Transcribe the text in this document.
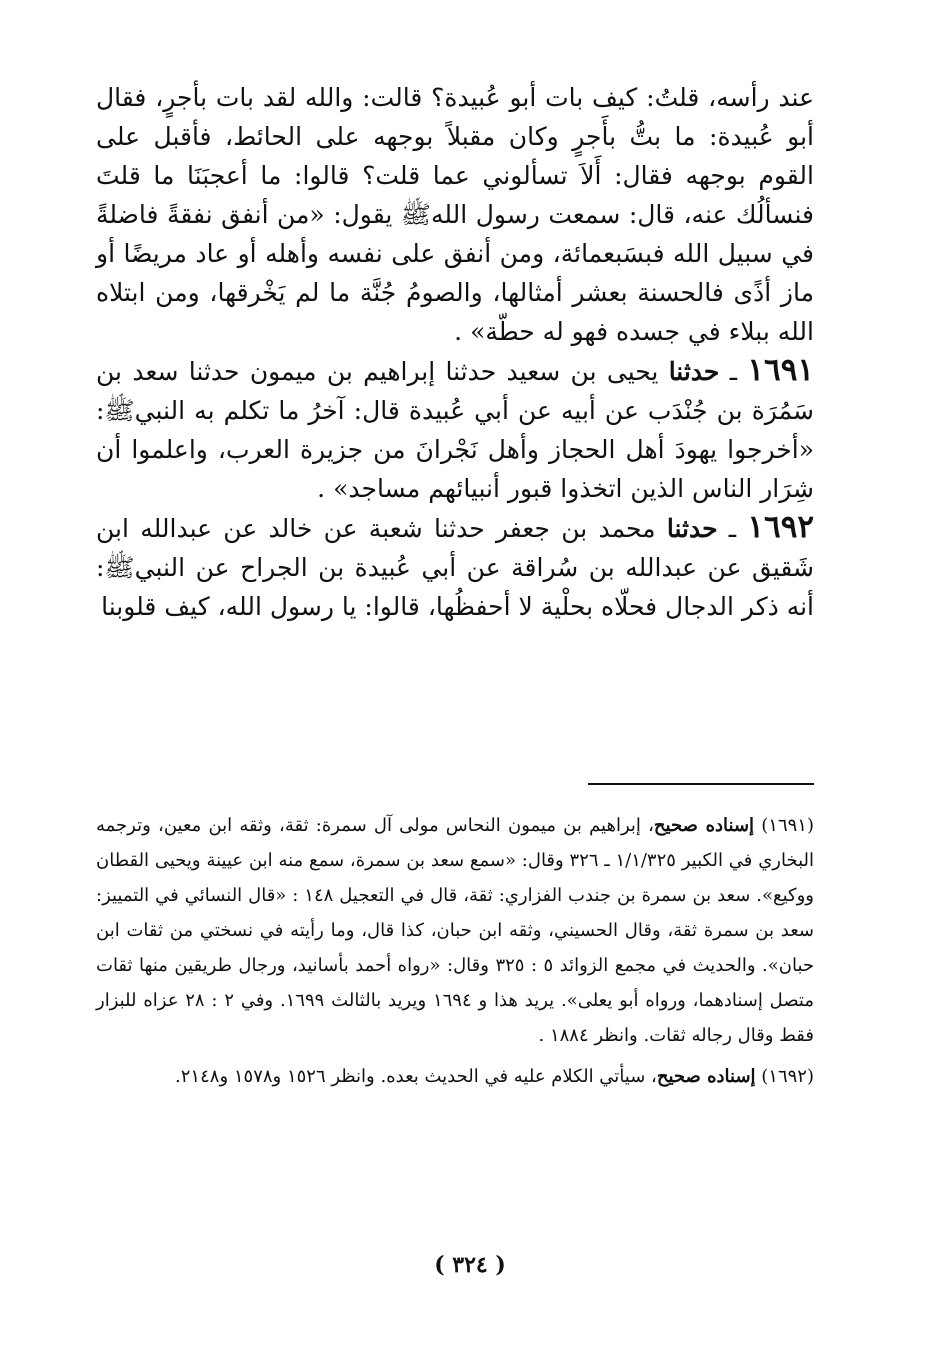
عند رأسه، قلتُ: كيف بات أبو عُبيدة؟ قالت: والله لقد بات بأجرٍ، فقال أبو عُبيدة: ما بتُّ بأَجرٍ وكان مقبلاً بوجهه على الحائط، فأقبل على القوم بوجهه فقال: أَلاَ تسألوني عما قلت؟ قالوا: ما أعجبَنَا ما قلتَ فنسألُك عنه، قال: سمعت رسول اللهﷺ يقول: «من أنفق نفقةً فاضلةً في سبيل الله فبسَبعمائة، ومن أنفق على نفسه وأهله أو عاد مريضًا أو ماز أذًى فالحسنة بعشر أمثالها، والصومُ جُنَّة ما لم يَخْرقها، ومن ابتلاه الله ببلاء في جسده فهو له حطّة» .

١٦٩١ ـ حدثنا يحيى بن سعيد حدثنا إبراهيم بن ميمون حدثنا سعد بن سَمُرَة بن جُنْدَب عن أبيه عن أبي عُبيدة قال: آخرُ ما تكلم به النبيﷺ: «أخرجوا يهودَ أهل الحجاز وأهل نَجْرانَ من جزيرة العرب، واعلموا أن شِرَار الناس الذين اتخذوا قبور أنبيائهم مساجد» .

١٦٩٢ ـ حدثنا محمد بن جعفر حدثنا شعبة عن خالد عن عبدالله ابن شَقيق عن عبدالله بن سُراقة عن أبي عُبيدة بن الجراح عن النبيﷺ: أنه ذكر الدجال فحلّاه بحلْية لا أحفظُها، قالوا: يا رسول الله، كيف قلوبنا

(١٦٩١) إسناده صحيح، إبراهيم بن ميمون النحاس مولى آل سمرة: ثقة، وثقه ابن معين، وترجمه البخاري في الكبير ١/١/٣٢٥ ـ ٣٢٦ وقال: «سمع سعد بن سمرة، سمع منه ابن عيينة ويحيى القطان ووكيع». سعد بن سمرة بن جندب الفزاري: ثقة، قال في التعجيل ١٤٨ : «قال النسائي في التمييز: سعد بن سمرة ثقة، وقال الحسيني، وثقه ابن حبان، كذا قال، وما رأيته في نسختي من ثقات ابن حبان». والحديث في مجمع الزوائد ٥ : ٣٢٥ وقال: «رواه أحمد بأسانيد، ورجال طريقين منها ثقات متصل إسنادهما، ورواه أبو يعلى». يريد هذا و ١٦٩٤ ويريد بالثالث ١٦٩٩. وفي ٢ : ٢٨ عزاه للبزار فقط وقال رجاله ثقات. وانظر ١٨٨٤ .

(١٦٩٢) إسناده صحيح، سيأتي الكلام عليه في الحديث بعده. وانظر ١٥٢٦ و١٥٧٨ و٢١٤٨.

( ٣٢٤ )
